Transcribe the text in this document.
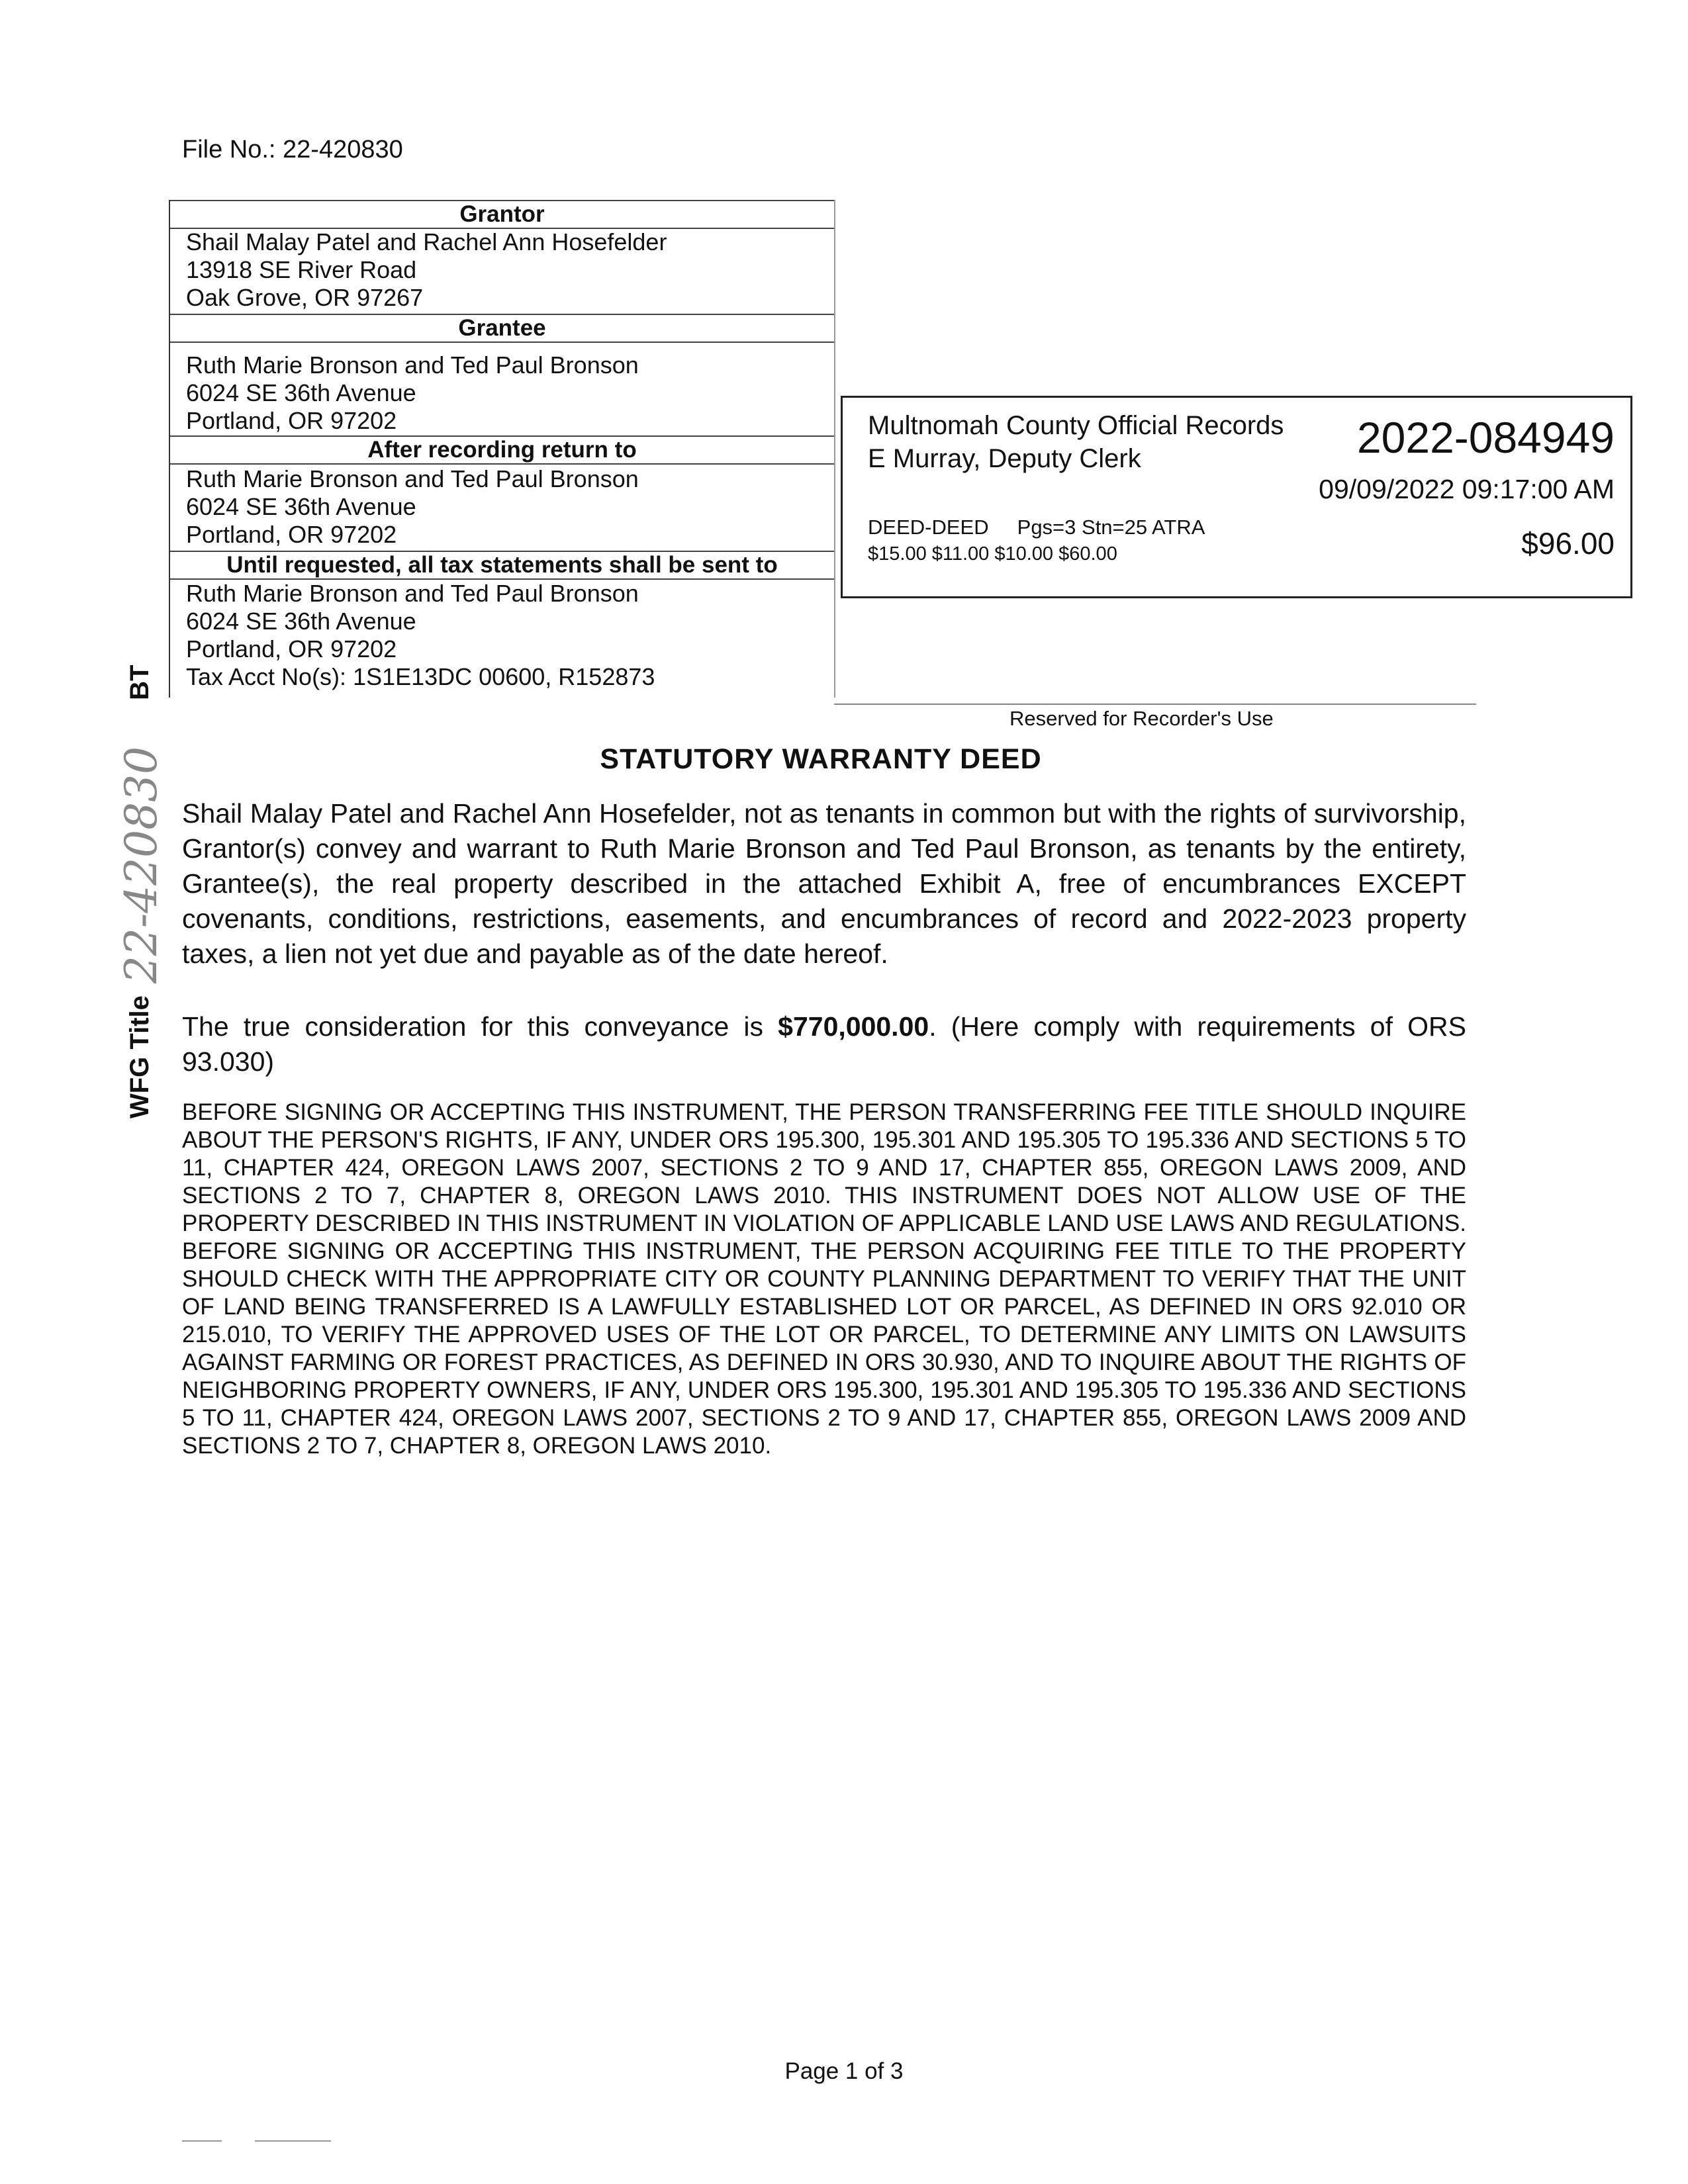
File No.: 22-420830
Grantor
Shail Malay Patel and Rachel Ann Hosefelder
13918 SE River Road
Oak Grove, OR 97267
Grantee
Ruth Marie Bronson and Ted Paul Bronson
6024 SE 36th Avenue
Portland, OR 97202
After recording return to
Ruth Marie Bronson and Ted Paul Bronson
6024 SE 36th Avenue
Portland, OR 97202
Until requested, all tax statements shall be sent to
Ruth Marie Bronson and Ted Paul Bronson
6024 SE 36th Avenue
Portland, OR 97202
Tax Acct No(s): 1S1E13DC 00600, R152873
Multnomah County Official Records
E Murray, Deputy Clerk	2022-084949
09/09/2022 09:17:00 AM
DEED-DEED     Pgs=3 Stn=25 ATRA
$15.00 $11.00 $10.00 $60.00	$96.00
Reserved for Recorder's Use
STATUTORY WARRANTY DEED
Shail Malay Patel and Rachel Ann Hosefelder, not as tenants in common but with the rights of survivorship, Grantor(s) convey and warrant to Ruth Marie Bronson and Ted Paul Bronson, as tenants by the entirety, Grantee(s), the real property described in the attached Exhibit A, free of encumbrances EXCEPT covenants, conditions, restrictions, easements, and encumbrances of record and 2022-2023 property taxes, a lien not yet due and payable as of the date hereof.
The true consideration for this conveyance is $770,000.00. (Here comply with requirements of ORS 93.030)
BEFORE SIGNING OR ACCEPTING THIS INSTRUMENT, THE PERSON TRANSFERRING FEE TITLE SHOULD INQUIRE ABOUT THE PERSON'S RIGHTS, IF ANY, UNDER ORS 195.300, 195.301 AND 195.305 TO 195.336 AND SECTIONS 5 TO 11, CHAPTER 424, OREGON LAWS 2007, SECTIONS 2 TO 9 AND 17, CHAPTER 855, OREGON LAWS 2009, AND SECTIONS 2 TO 7, CHAPTER 8, OREGON LAWS 2010. THIS INSTRUMENT DOES NOT ALLOW USE OF THE PROPERTY DESCRIBED IN THIS INSTRUMENT IN VIOLATION OF APPLICABLE LAND USE LAWS AND REGULATIONS. BEFORE SIGNING OR ACCEPTING THIS INSTRUMENT, THE PERSON ACQUIRING FEE TITLE TO THE PROPERTY SHOULD CHECK WITH THE APPROPRIATE CITY OR COUNTY PLANNING DEPARTMENT TO VERIFY THAT THE UNIT OF LAND BEING TRANSFERRED IS A LAWFULLY ESTABLISHED LOT OR PARCEL, AS DEFINED IN ORS 92.010 OR 215.010, TO VERIFY THE APPROVED USES OF THE LOT OR PARCEL, TO DETERMINE ANY LIMITS ON LAWSUITS AGAINST FARMING OR FOREST PRACTICES, AS DEFINED IN ORS 30.930, AND TO INQUIRE ABOUT THE RIGHTS OF NEIGHBORING PROPERTY OWNERS, IF ANY, UNDER ORS 195.300, 195.301 AND 195.305 TO 195.336 AND SECTIONS 5 TO 11, CHAPTER 424, OREGON LAWS 2007, SECTIONS 2 TO 9 AND 17, CHAPTER 855, OREGON LAWS 2009 AND SECTIONS 2 TO 7, CHAPTER 8, OREGON LAWS 2010.
WFG Title22-420830BT
Page 1 of 3
